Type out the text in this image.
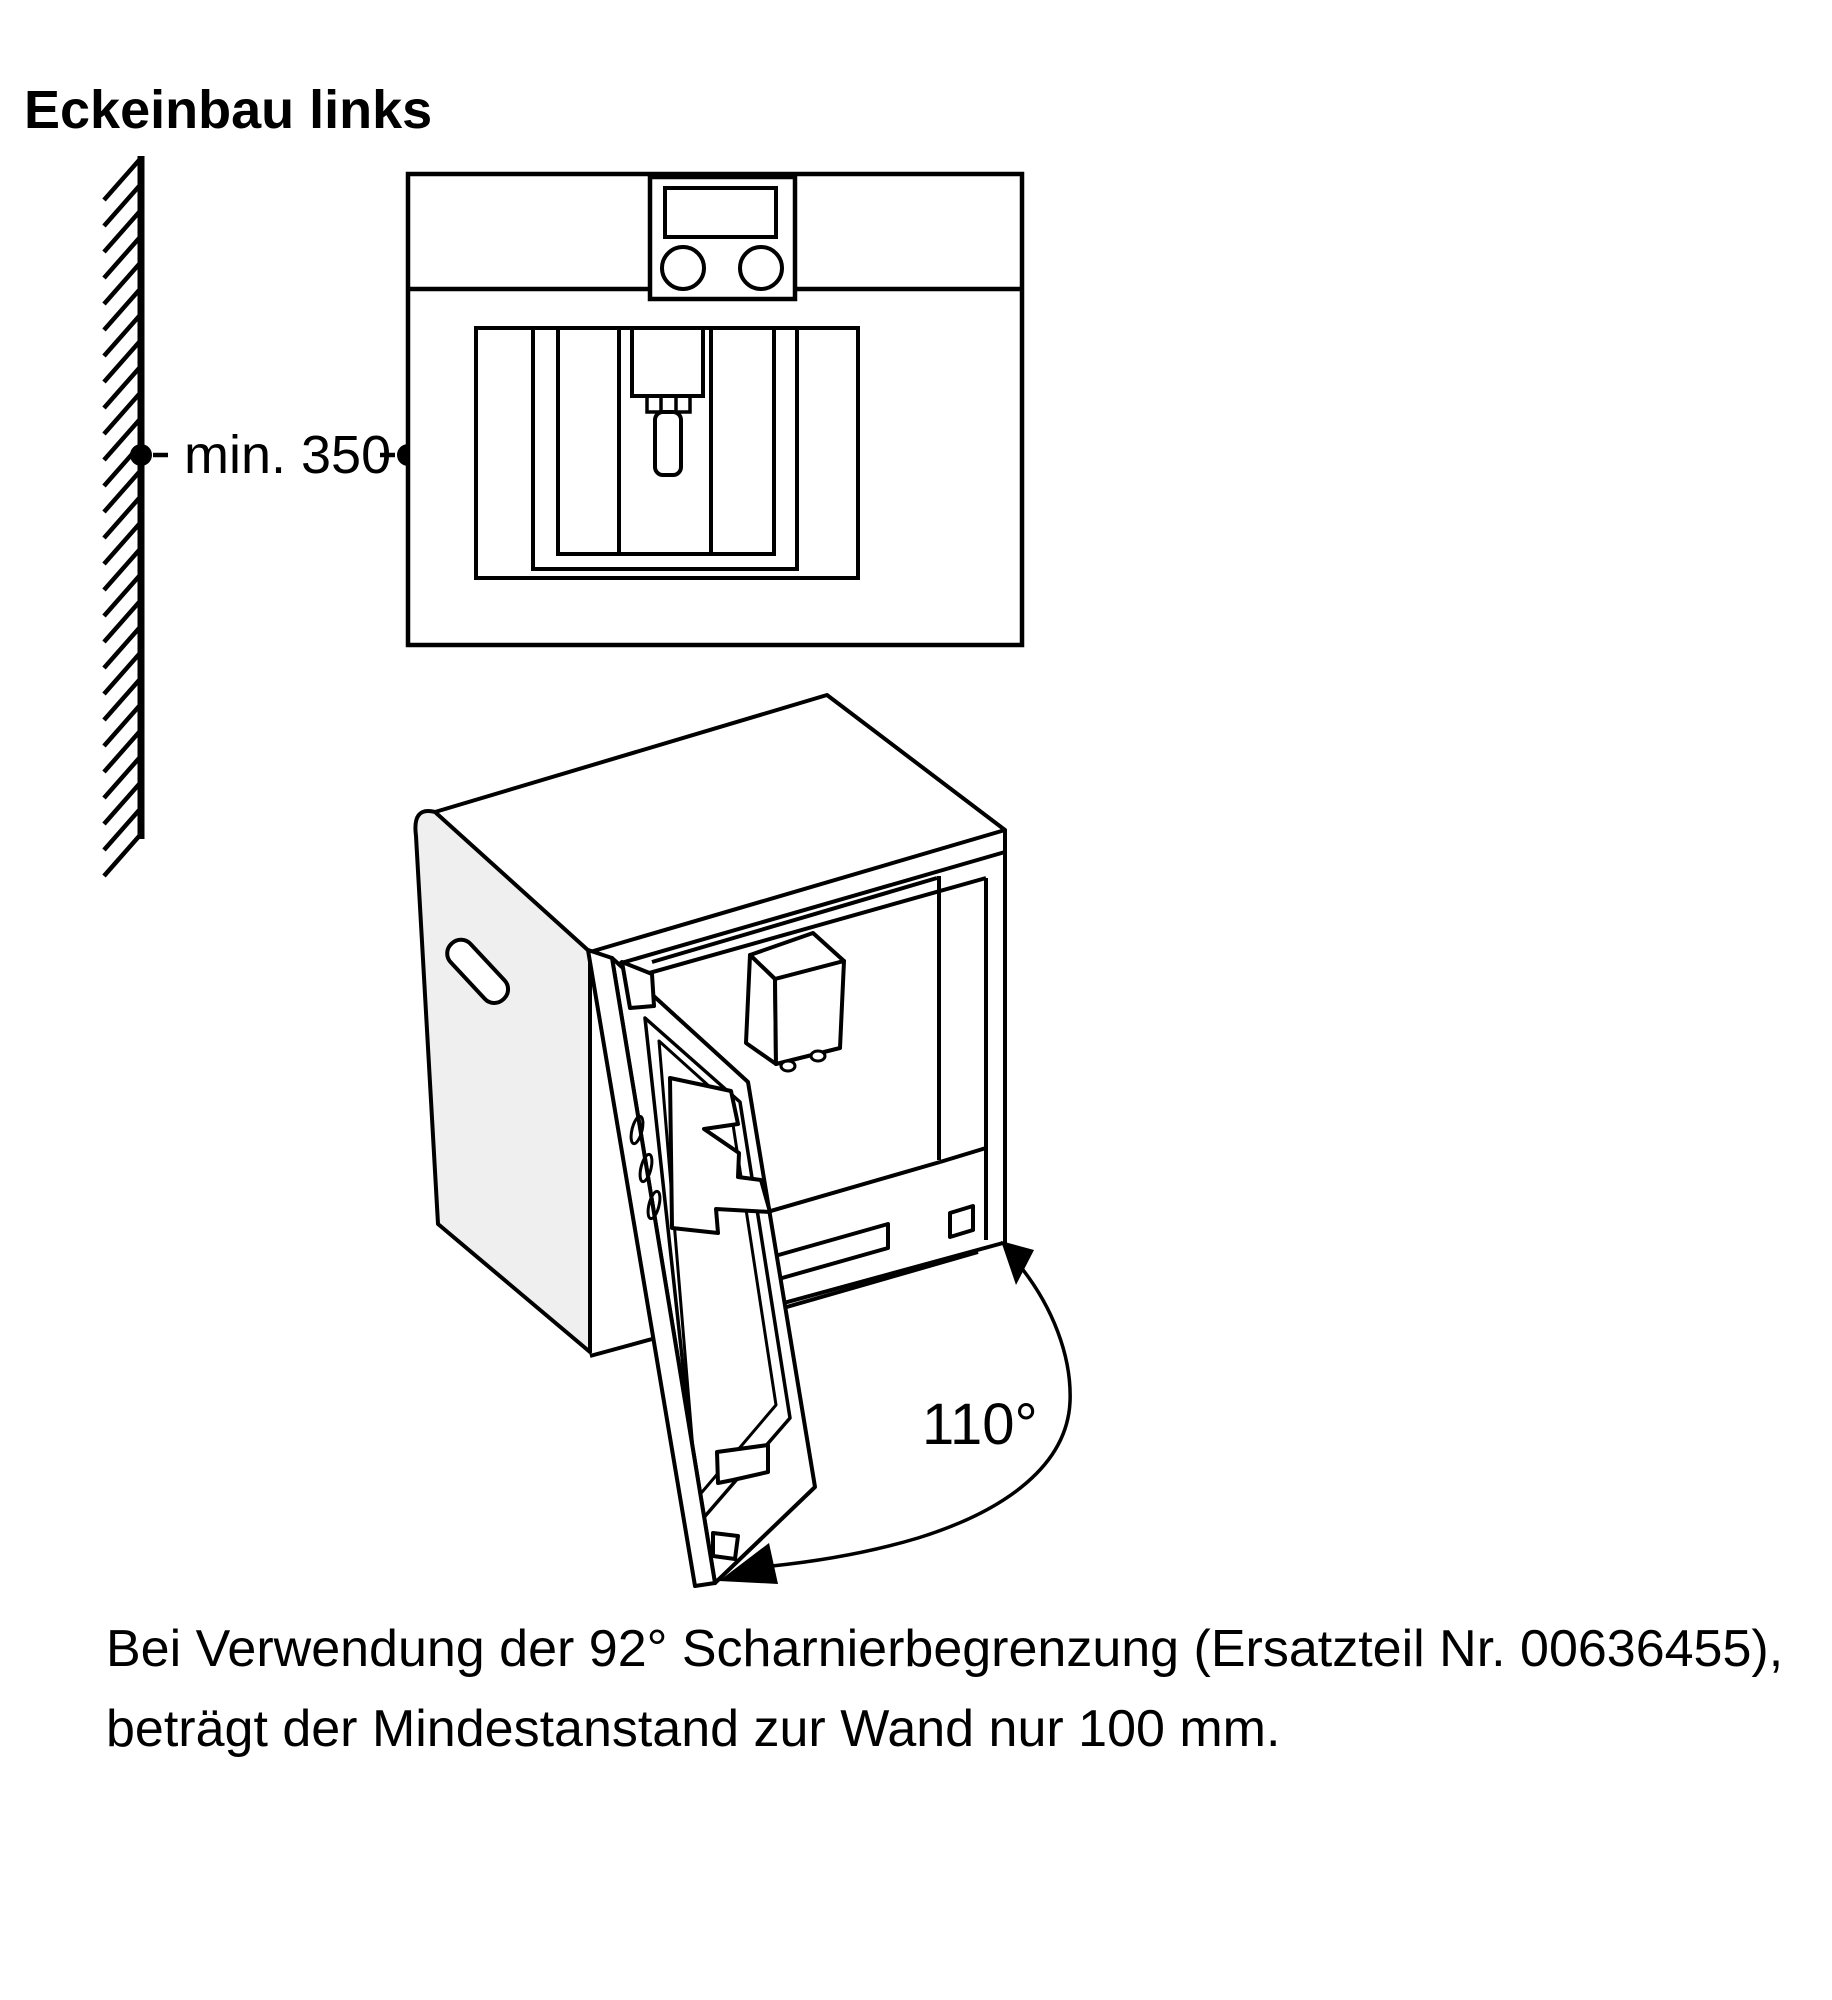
Eckeinbau links
min. 350
110°
Bei Verwendung der 92° Scharnierbegrenzung (Ersatzteil Nr. 00636455),
beträgt der Mindestanstand zur Wand nur 100 mm.
